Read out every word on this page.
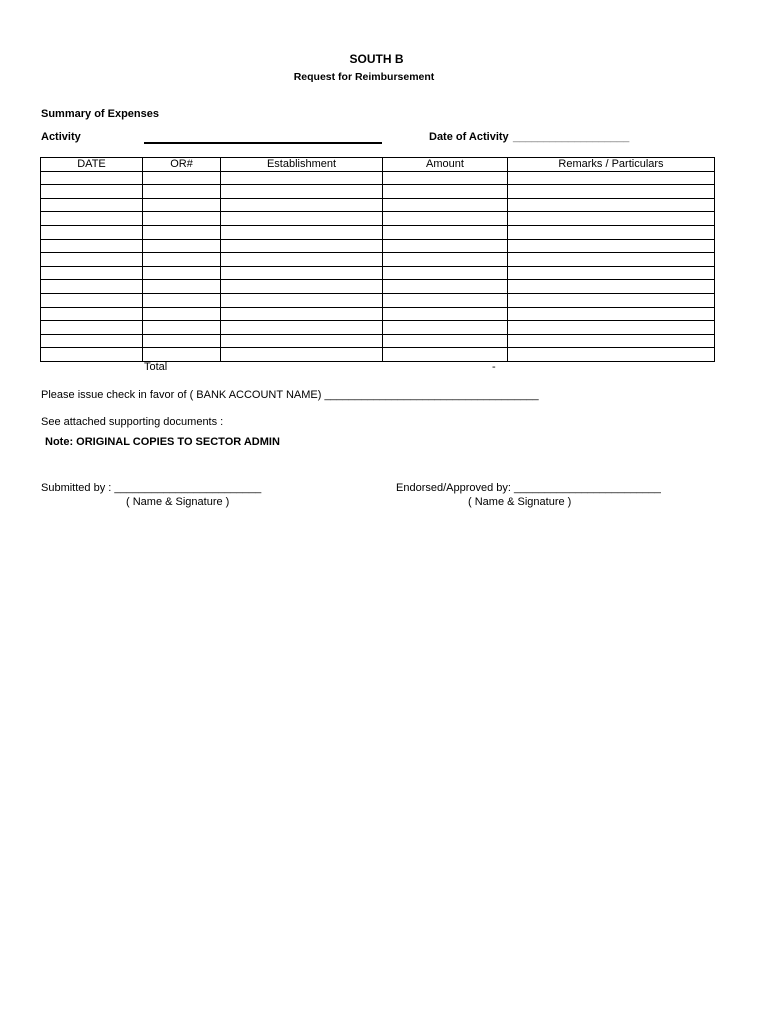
SOUTH B
Request for Reimbursement
Summary of Expenses
Activity	Date of Activity ___________________
DATE	OR#	Establishment	Amount	Remarks / Particulars

Total	-
Please issue check in favor of ( BANK ACCOUNT NAME) ___________________________________
See attached supporting documents :
Note: ORIGINAL COPIES TO SECTOR ADMIN
Submitted by : ________________________
( Name & Signature )
Endorsed/Approved by: ________________________
( Name & Signature )
